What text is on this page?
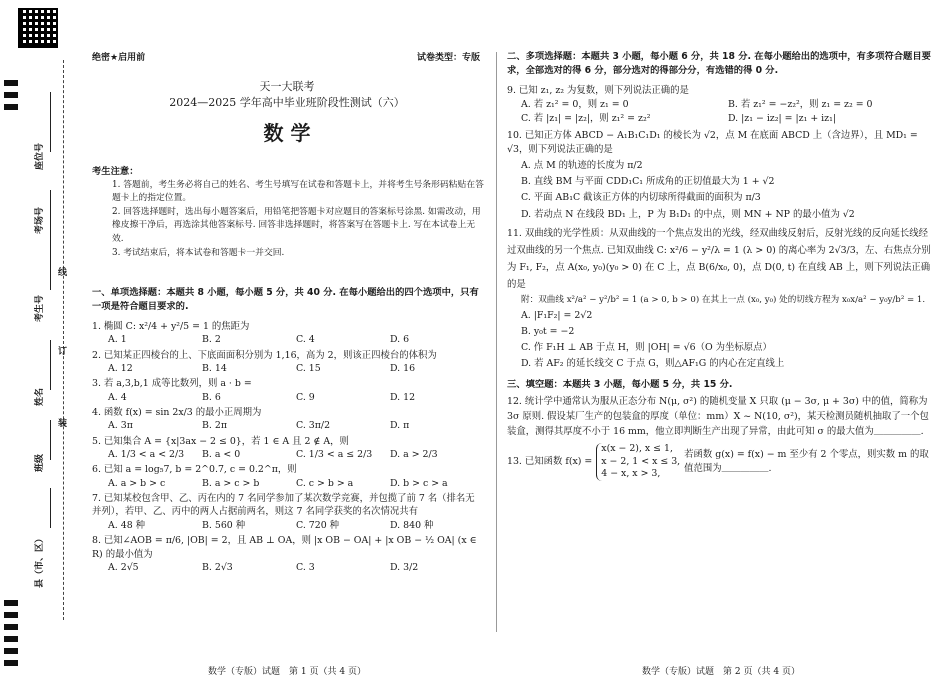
座位号
考场号
考生号
姓名
班级
县（市、区）
线
订
装
绝密★启用前	试卷类型：专版
天一大联考
2024—2025 学年高中毕业班阶段性测试（六）
数 学
考生注意：
1. 答题前，考生务必将自己的姓名、考生号填写在试卷和答题卡上，并将考生号条形码粘贴在答题卡上的指定位置。
2. 回答选择题时，选出每小题答案后，用铅笔把答题卡对应题目的答案标号涂黑. 如需改动，用橡皮擦干净后，再选涂其他答案标号. 回答非选择题时，将答案写在答题卡上. 写在本试卷上无效.
3. 考试结束后，将本试卷和答题卡一并交回.
一、单项选择题：本题共 8 小题，每小题 5 分，共 40 分. 在每小题给出的四个选项中，只有一项是符合题目要求的.
1. 椭圆 C: x²/4 + y²/5 = 1 的焦距为
A. 1	B. 2	C. 4	D. 6
2. 已知某正四棱台的上、下底面面积分别为 1,16，高为 2，则该正四棱台的体积为
A. 12	B. 14	C. 15	D. 16
3. 若 a,3,b,1 成等比数列，则 a · b =
A. 4	B. 6	C. 9	D. 12
4. 函数 f(x) = sin 2x/3 的最小正周期为
A. 3π	B. 2π	C. 3π/2	D. π
5. 已知集合 A = {x|3ax − 2 ≤ 0}，若 1 ∈ A 且 2 ∉ A，则
A. 1/3 < a < 2/3	B. a < 0	C. 1/3 < a ≤ 2/3	D. a > 2/3
6. 已知 a = log₅7, b = 2^0.7, c = 0.2^π，则
A. a > b > c	B. a > c > b	C. c > b > a	D. b > c > a
7. 已知某校包含甲、乙、丙在内的 7 名同学参加了某次数学竞赛，并包揽了前 7 名（排名无并列），若甲、乙、丙中的两人占据前两名，则这 7 名同学获奖的名次情况共有
A. 48 种	B. 560 种	C. 720 种	D. 840 种
8. 已知∠AOB = π/6, |OB| = 2，且 AB ⊥ OA，则 |x OB − OA| + |x OB − ½ OA| (x ∈ R) 的最小值为
A. 2√5	B. 2√3	C. 3	D. 3/2
数学（专版）试题　第 1 页（共 4 页）
二、多项选择题：本题共 3 小题，每小题 6 分，共 18 分. 在每小题给出的选项中，有多项符合题目要求，全部选对的得 6 分，部分选对的得部分分，有选错的得 0 分.
9. 已知 z₁, z₂ 为复数，则下列说法正确的是
A. 若 z₁² = 0，则 z₁ = 0	B. 若 z₁² = −z₂²，则 z₁ = z₂ = 0
C. 若 |z₁| = |z₂|，则 z₁² = z₂²	D. |z₁ − iz₂| = |z₁ + iz₁|
10. 已知正方体 ABCD − A₁B₁C₁D₁ 的棱长为 √2，点 M 在底面 ABCD 上（含边界），且 MD₁ = √3，则下列说法正确的是
A. 点 M 的轨迹的长度为 π/2
B. 直线 BM 与平面 CDD₁C₁ 所成角的正切值最大为 1 + √2
C. 平面 AB₁C 截该正方体的内切球所得截面的面积为 π/3
D. 若动点 N 在线段 BD₁ 上，P 为 B₁D₁ 的中点，则 MN + NP 的最小值为 √2
11. 双曲线的光学性质：从双曲线的一个焦点发出的光线，经双曲线反射后，反射光线的反向延长线经过双曲线的另一个焦点. 已知双曲线 C: x²/6 − y²/λ = 1 (λ > 0) 的离心率为 2√3/3，左、右焦点分别为 F₁, F₂，点 A(x₀, y₀)(y₀ > 0) 在 C 上，点 B(6/x₀, 0)，点 D(0, t) 在直线 AB 上，则下列说法正确的是
附：双曲线 x²/a² − y²/b² = 1 (a > 0, b > 0) 在其上一点 (x₀, y₀) 处的切线方程为 x₀x/a² − y₀y/b² = 1.
A. |F₁F₂| = 2√2
B. y₀t = −2
C. 作 F₁H ⊥ AB 于点 H，则 |OH| = √6（O 为坐标原点）
D. 若 AF₂ 的延长线交 C 于点 G，则△AF₁G 的内心在定直线上
三、填空题：本题共 3 小题，每小题 5 分，共 15 分.
12. 统计学中通常认为服从正态分布 N(μ, σ²) 的随机变量 X 只取 (μ − 3σ, μ + 3σ) 中的值，简称为 3σ 原则. 假设某厂生产的包装盒的厚度（单位：mm）X ~ N(10, σ²)，某天检测员随机抽取了一个包装盒，测得其厚度不小于 16 mm，他立即判断生产出现了异常，由此可知 σ 的最大值为＿＿＿＿＿.
13. 已知函数 f(x) =
x(x − 2), x ≤ 1,
x − 2, 1 < x ≤ 3,
4 − x, x > 3,
若函数 g(x) = f(x) − m 至少有 2 个零点，则实数 m 的取值范围为＿＿＿＿＿.
数学（专版）试题　第 2 页（共 4 页）
